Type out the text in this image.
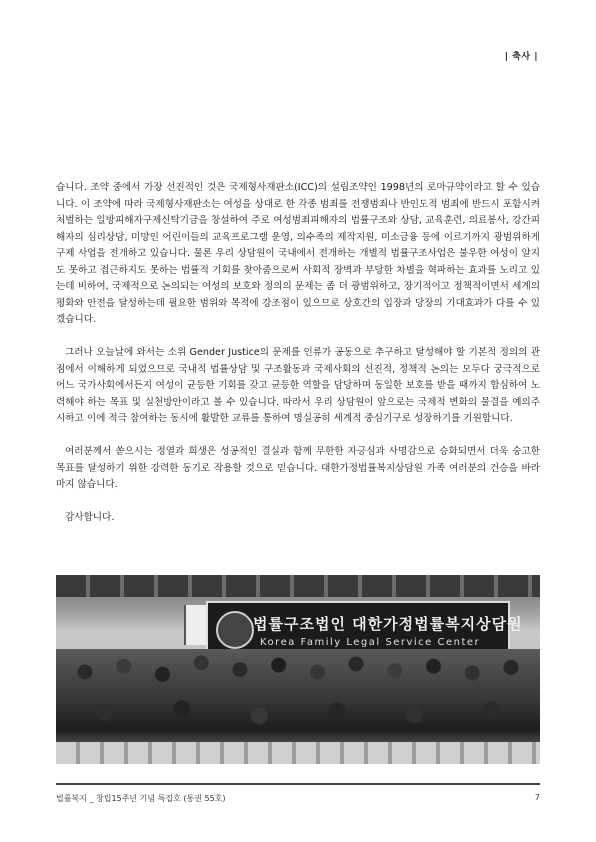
| 축사 |

습니다. 조약 중에서 가장 선진적인 것은 국제형사재판소(ICC)의 설립조약인 1998년의 로마규약이라고 할 수 있습니다. 이 조약에 따라 국제형사재판소는 여성을 상대로 한 각종 범죄를 전쟁범죄나 반인도적 범죄에 반드시 포함시켜 처벌하는 일방피해자구제신탁기금을 창설하여 주로 여성범죄피해자의 법률구조와 상담, 교육훈련, 의료봉사, 강간피해자의 심리상담, 미망인 어린이들의 교육프로그램 운영, 의수족의 제작지원, 미소금융 등에 이르기까지 광범위하게 구제 사업을 전개하고 있습니다. 물론 우리 상담원이 국내에서 전개하는 개별적 법률구조사업은 불우한 여성이 알지도 못하고 접근하지도 못하는 법률적 기회를 찾아줌으로써 사회적 장벽과 부당한 차별을 혁파하는 효과를 노리고 있는데 비하여, 국제적으로 논의되는 여성의 보호와 정의의 문제는 좀 더 광범위하고, 장기적이고 정책적이면서 세계의 평화와 안전을 달성하는데 필요한 범위와 목적에 강조점이 있으므로 상호간의 입장과 당장의 기대효과가 다를 수 있겠습니다.

그러나 오늘날에 와서는 소위 Gender Justice의 문제를 인류가 공동으로 추구하고 달성해야 할 기본적 정의의 관점에서 이해하게 되었으므로 국내적 법률상담 및 구조활동과 국제사회의 선진적, 정책적 논의는 모두다 궁극적으로 어느 국가사회에서든지 여성이 균등한 기회를 갖고 균등한 역할을 담당하며 동일한 보호를 받을 때까지 합심하여 노력해야 하는 목표 및 실천방안이라고 볼 수 있습니다. 따라서 우리 상담원이 앞으로는 국제적 변화의 물결을 예의주시하고 이에 적극 참여하는 동시에 활발한 교류를 통하여 명실공히 세계적 중심기구로 성장하기를 기원합니다.

여러분께서 쏟으시는 정열과 희생은 성공적인 결실과 함께 무한한 자긍심과 사명감으로 승화되면서 더욱 숭고한 목표를 달성하기 위한 강력한 동기로 작용할 것으로 믿습니다. 대한가정법률복지상담원 가족 여러분의 건승을 바라마지 않습니다.

감사합니다.

법률구조법인 대한가정법률복지상담원
Korea Family Legal Service Center
법률복지 _ 창립15주년 기념 특집호 (통권 55호)	7
